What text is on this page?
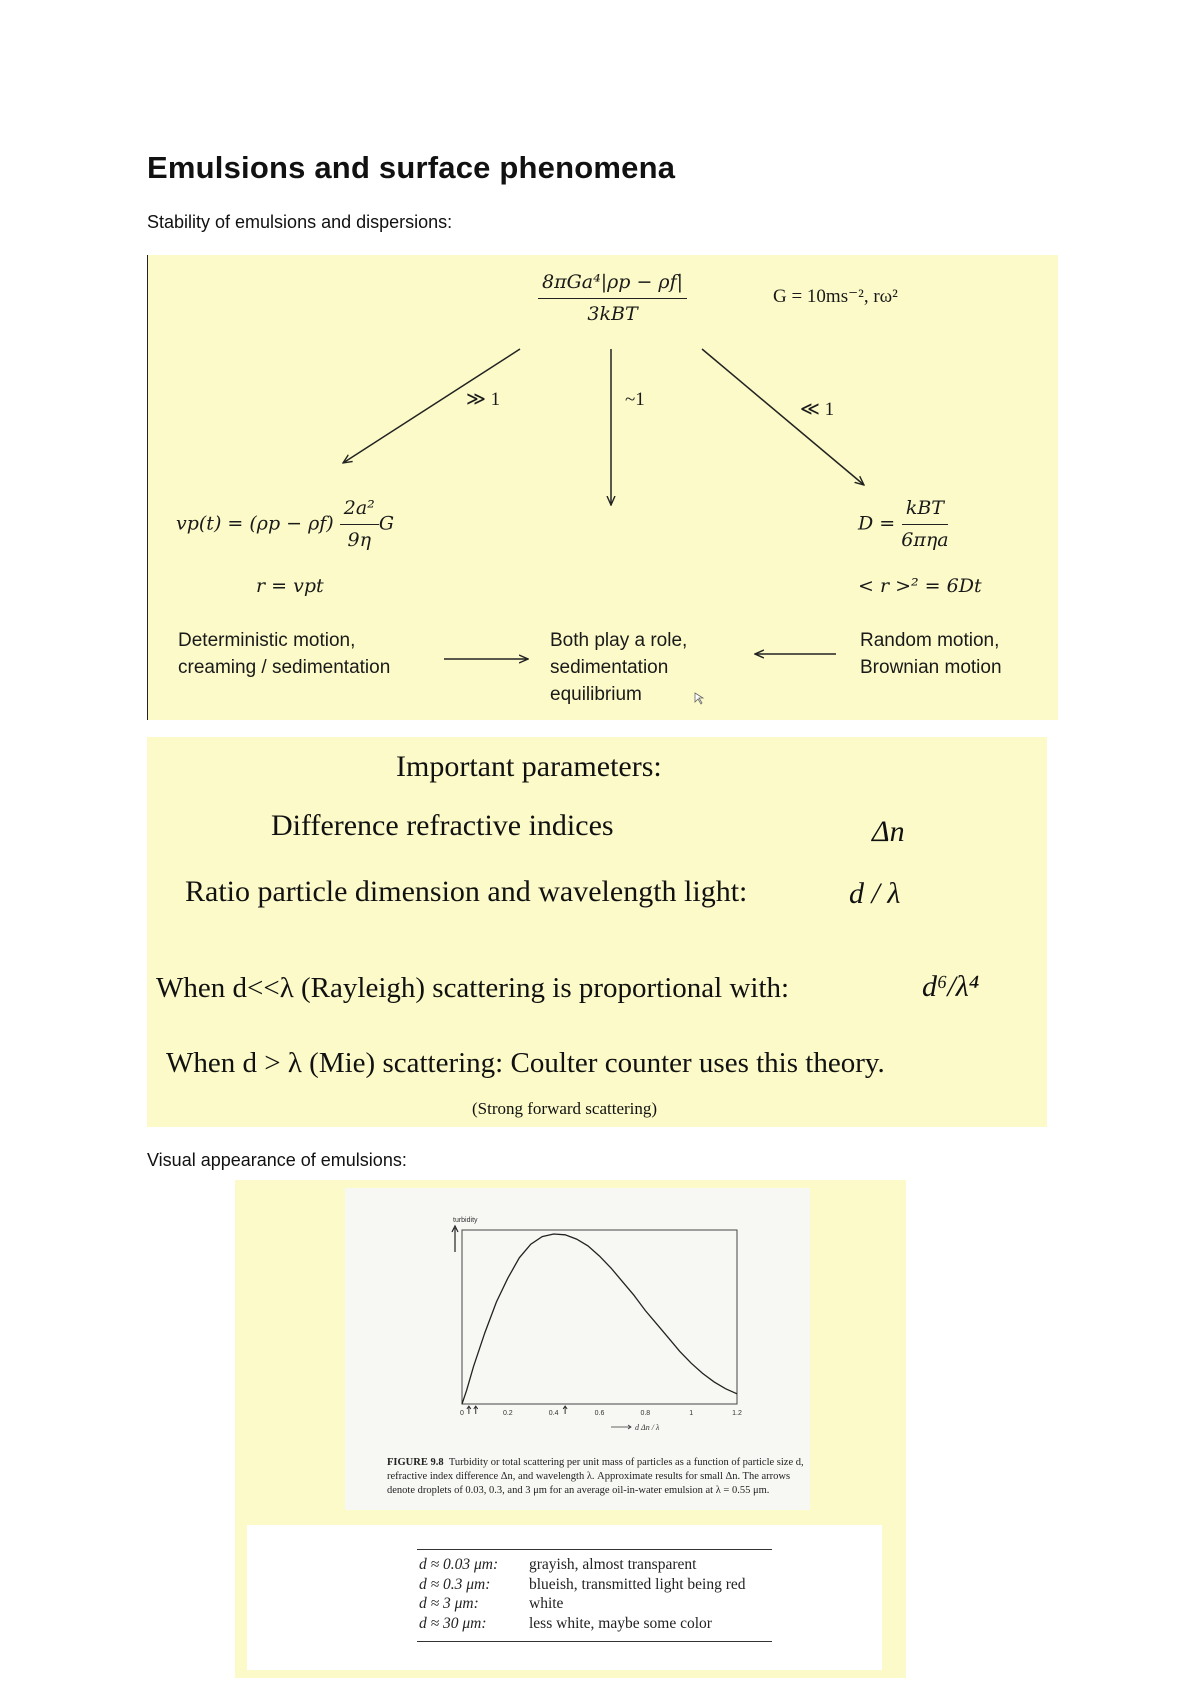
Emulsions and surface phenomena
Stability of emulsions and dispersions:
$\frac{\text{8πGa⁴|ρp − ρf|}}{\text{3kBT}}$	G = 10ms⁻², rω²
≫ 1	~1	≪ 1
$vp(t) = (\rho p - \rho f) \frac{\text{2a²}}{9\eta}$ G	$D = \frac{\text{kBT}}{\text{6πηa}}$
r = vpt	< r >² = 6Dt
Deterministic motion,
creaming / sedimentation
Both play a role,
sedimentation
equilibrium
Random motion,
Brownian motion
Important parameters:
Difference refractive indices	Δn
Ratio particle dimension and wavelength light:	d / λ
When d<<λ (Rayleigh) scattering is proportional with:	d⁶/λ⁴
When d > λ (Mie) scattering: Coulter counter uses this theory.
(Strong forward scattering)
Visual appearance of emulsions:
turbidity
0	0.2	0.4	0.6	0.8	1	1.2
d Δn / λ
FIGURE 9.8 Turbidity or total scattering per unit mass of particles as a function of particle size d, refractive index difference Δn, and wavelength λ. Approximate results for small Δn. The arrows denote droplets of 0.03, 0.3, and 3 μm for an average oil-in-water emulsion at λ = 0.55 μm.
d ≈ 0.03 μm:	grayish, almost transparent
d ≈ 0.3 μm:	blueish, transmitted light being red
d ≈ 3 μm:	white
d ≈ 30 μm:	less white, maybe some color
